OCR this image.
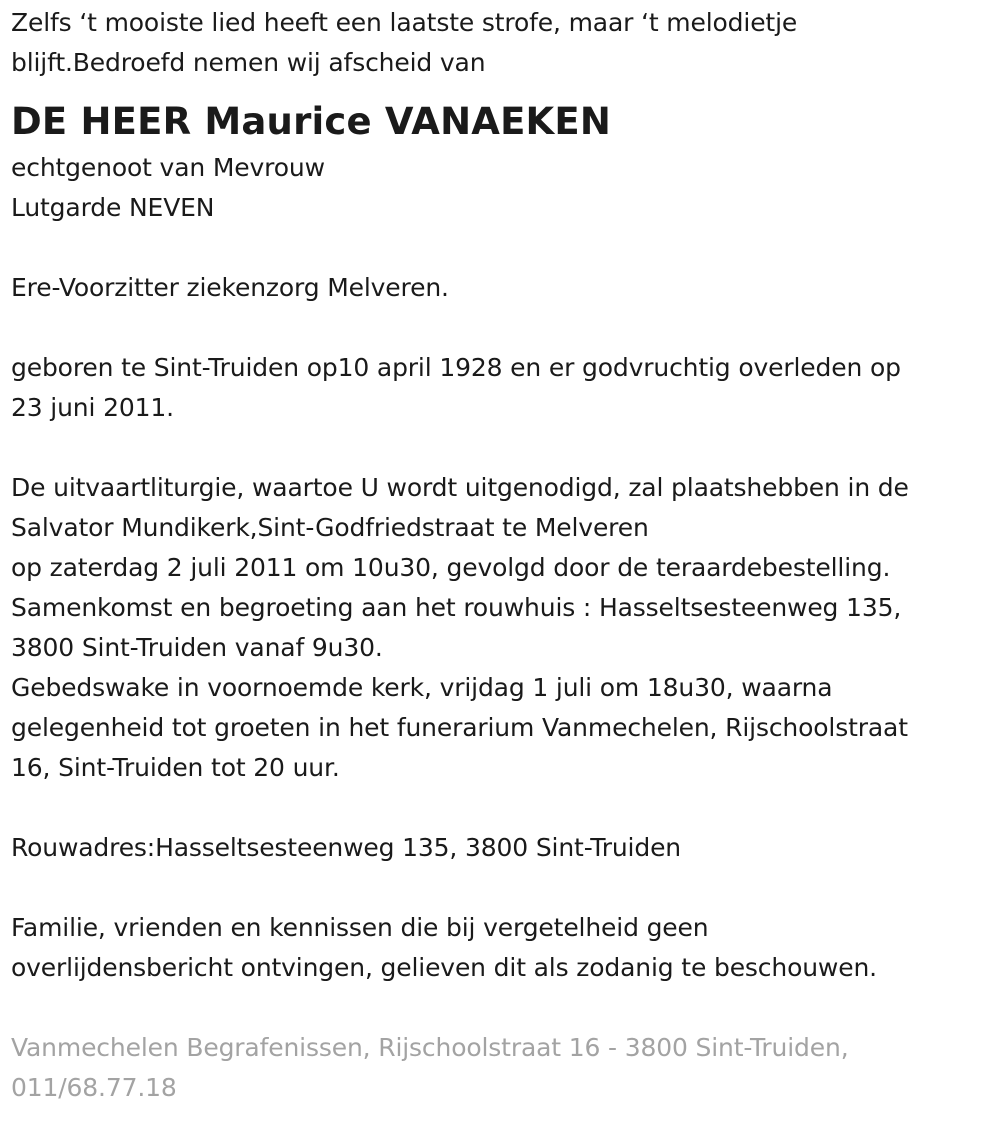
Zelfs ‘t mooiste lied heeft een laatste strofe, maar ‘t melodietje
blijft.Bedroefd nemen wij afscheid van
DE HEER Maurice VANAEKEN
echtgenoot van Mevrouw
Lutgarde NEVEN
Ere-Voorzitter ziekenzorg Melveren.
geboren te Sint-Truiden op10 april 1928 en er godvruchtig overleden op
23 juni 2011.
De uitvaartliturgie, waartoe U wordt uitgenodigd, zal plaatshebben in de
Salvator Mundikerk,Sint-Godfriedstraat te Melveren
op zaterdag 2 juli 2011 om 10u30, gevolgd door de teraardebestelling.
Samenkomst en begroeting aan het rouwhuis : Hasseltsesteenweg 135,
3800 Sint-Truiden vanaf 9u30.
Gebedswake in voornoemde kerk, vrijdag 1 juli om 18u30, waarna
gelegenheid tot groeten in het funerarium Vanmechelen, Rijschoolstraat
16, Sint-Truiden tot 20 uur.
Rouwadres:Hasseltsesteenweg 135, 3800 Sint-Truiden
Familie, vrienden en kennissen die bij vergetelheid geen
overlijdensbericht ontvingen, gelieven dit als zodanig te beschouwen.
Vanmechelen Begrafenissen, Rijschoolstraat 16 - 3800 Sint-Truiden,
011/68.77.18
